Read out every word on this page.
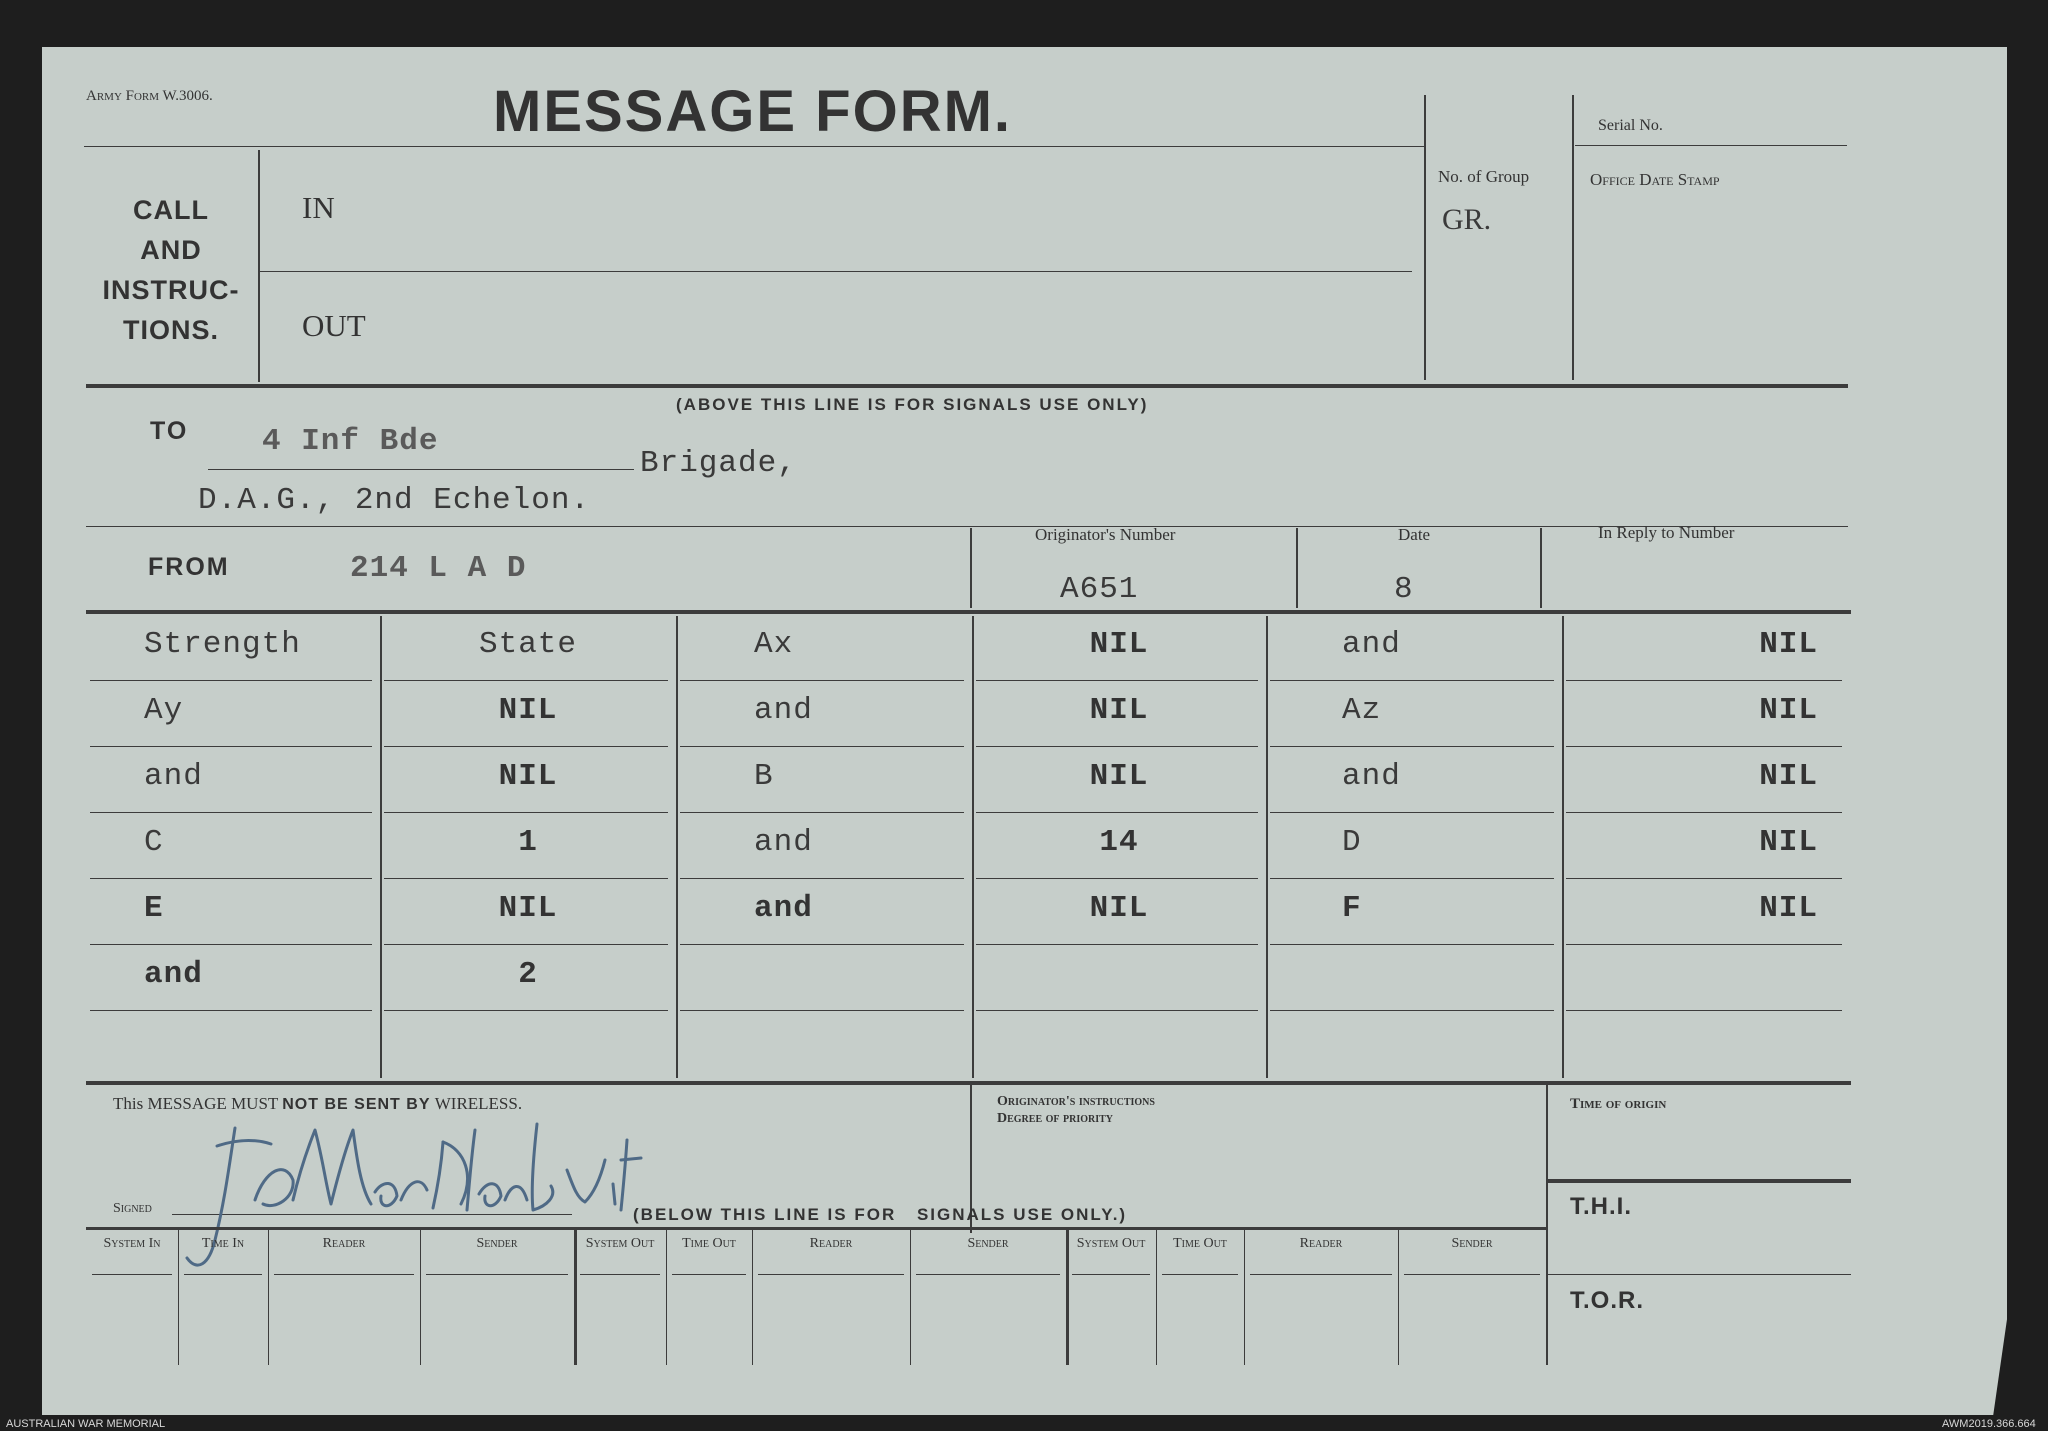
Army Form W.3006.	MESSAGE FORM.	Serial No.
No. of Group
GR.
Office Date Stamp
CALL
AND
INSTRUC-
TIONS.
IN
OUT
(ABOVE THIS LINE IS FOR SIGNALS USE ONLY)
TO 4 Inf Bde
Brigade,
D.A.G., 2nd Echelon.
FROM	214 L A D
Originator's Number
A651
Date
8
In Reply to Number
Strength	State	Ax	NIL	and	NIL
Ay	NIL	and	NIL	Az	NIL
and	NIL	B	NIL	and	NIL
C	1	and	14	D	NIL
E	NIL	and	NIL	F	NIL
and	2
This MESSAGE MUST NOT BE SENT BY WIRELESS.	Originator's instructions
Degree of priority
Time of origin
Signed	(BELOW THIS LINE IS FOR SIGNALS USE ONLY.)	T.H.I.
T.O.R.
System In	Time In	Reader	Sender	System Out	Time Out	Reader	Sender	System Out	Time Out	Reader	Sender
AUSTRALIAN WAR MEMORIAL	AWM2019.366.664
